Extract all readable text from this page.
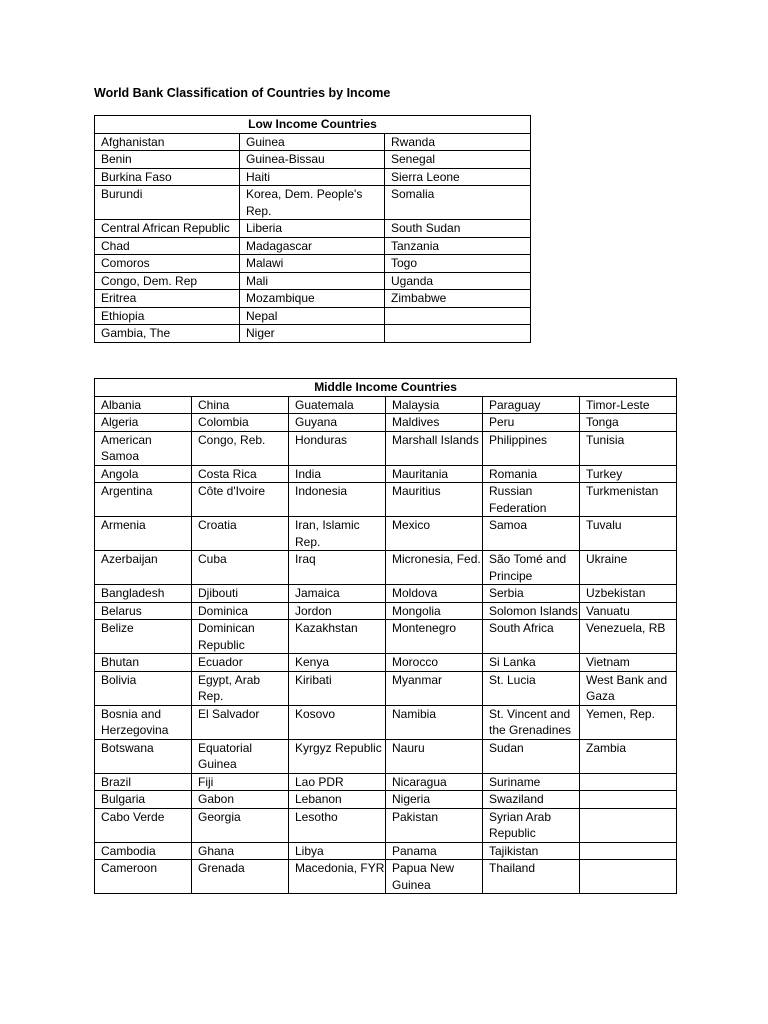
World Bank Classification of Countries by Income
Low Income Countries		
Afghanistan	Guinea	Rwanda
Benin	Guinea-Bissau	Senegal
Burkina Faso	Haiti	Sierra Leone
Burundi	Korea, Dem. People's Rep.	Somalia
Central African Republic	Liberia	South Sudan
Chad	Madagascar	Tanzania
Comoros	Malawi	Togo
Congo, Dem. Rep	Mali	Uganda
Eritrea	Mozambique	Zimbabwe
Ethiopia	Nepal	
Gambia, The	Niger	
Middle Income Countries					
Albania	China	Guatemala	Malaysia	Paraguay	Timor-Leste
Algeria	Colombia	Guyana	Maldives	Peru	Tonga
American Samoa	Congo, Reb.	Honduras	Marshall Islands	Philippines	Tunisia
Angola	Costa Rica	India	Mauritania	Romania	Turkey
Argentina	Côte d'Ivoire	Indonesia	Mauritius	Russian Federation	Turkmenistan
Armenia	Croatia	Iran, Islamic Rep.	Mexico	Samoa	Tuvalu
Azerbaijan	Cuba	Iraq	Micronesia, Fed.	São Tomé and Principe	Ukraine
Bangladesh	Djibouti	Jamaica	Moldova	Serbia	Uzbekistan
Belarus	Dominica	Jordon	Mongolia	Solomon Islands	Vanuatu
Belize	Dominican Republic	Kazakhstan	Montenegro	South Africa	Venezuela, RB
Bhutan	Ecuador	Kenya	Morocco	Si Lanka	Vietnam
Bolivia	Egypt, Arab Rep.	Kiribati	Myanmar	St. Lucia	West Bank and Gaza
Bosnia and Herzegovina	El Salvador	Kosovo	Namibia	St. Vincent and the Grenadines	Yemen, Rep.
Botswana	Equatorial Guinea	Kyrgyz Republic	Nauru	Sudan	Zambia
Brazil	Fiji	Lao PDR	Nicaragua	Suriname	
Bulgaria	Gabon	Lebanon	Nigeria	Swaziland	
Cabo Verde	Georgia	Lesotho	Pakistan	Syrian Arab Republic	
Cambodia	Ghana	Libya	Panama	Tajikistan	
Cameroon	Grenada	Macedonia, FYR	Papua New Guinea	Thailand	
